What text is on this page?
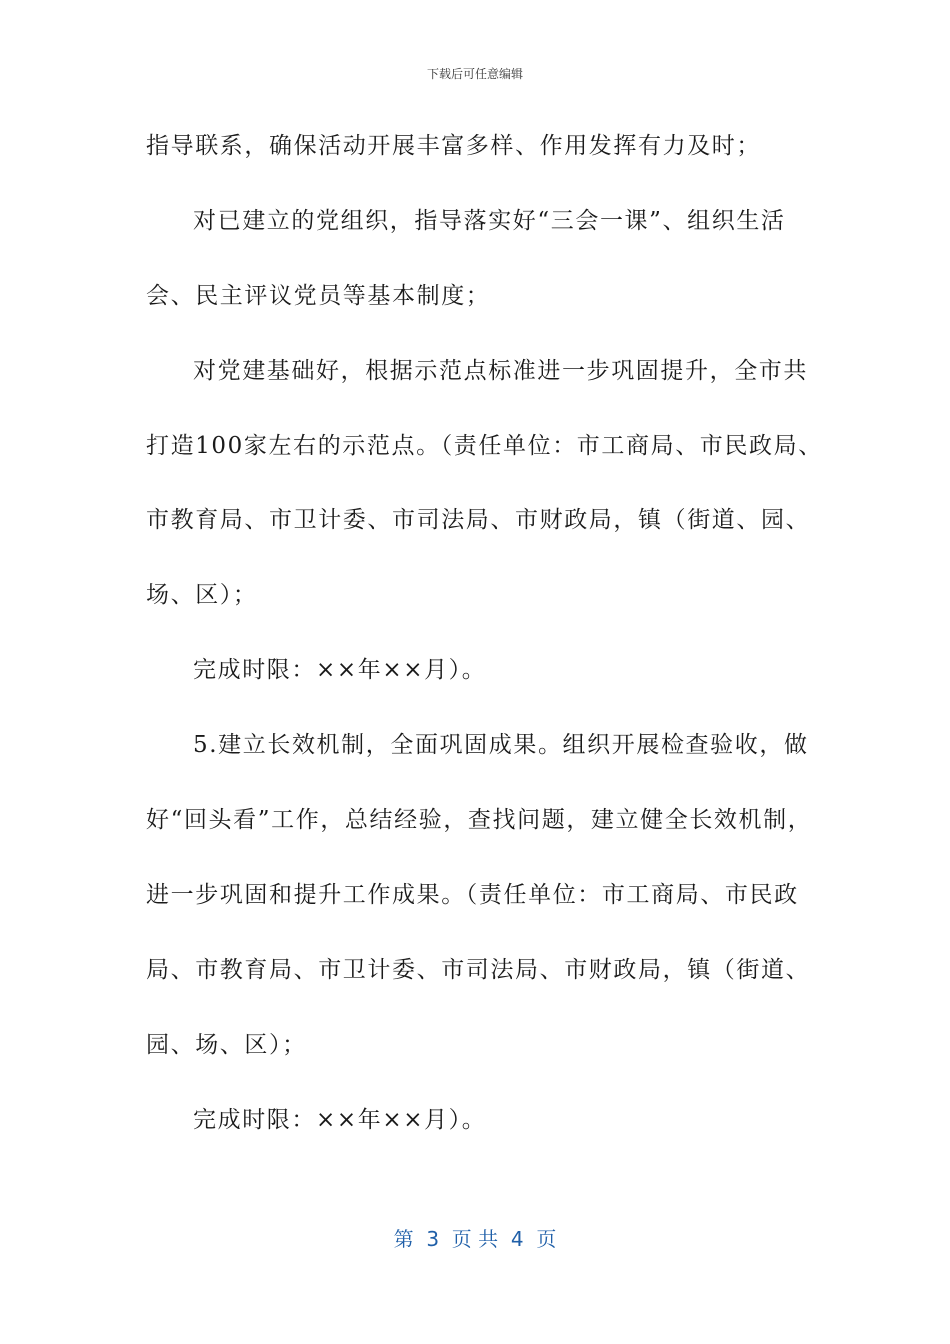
下载后可任意编辑
指导联系，确保活动开展丰富多样、作用发挥有力及时；
对已建立的党组织，指导落实好“三会一课”、组织生活
会、民主评议党员等基本制度；
对党建基础好，根据示范点标准进一步巩固提升，全市共
打造100家左右的示范点。（责任单位：市工商局、市民政局、
市教育局、市卫计委、市司法局、市财政局，镇（街道、园、
场、区）；
完成时限：××年××月）。
5.建立长效机制，全面巩固成果。组织开展检查验收，做
好“回头看”工作，总结经验，查找问题，建立健全长效机制，
进一步巩固和提升工作成果。（责任单位：市工商局、市民政
局、市教育局、市卫计委、市司法局、市财政局，镇（街道、
园、场、区）；
完成时限：××年××月）。
第  3  页 共  4  页
